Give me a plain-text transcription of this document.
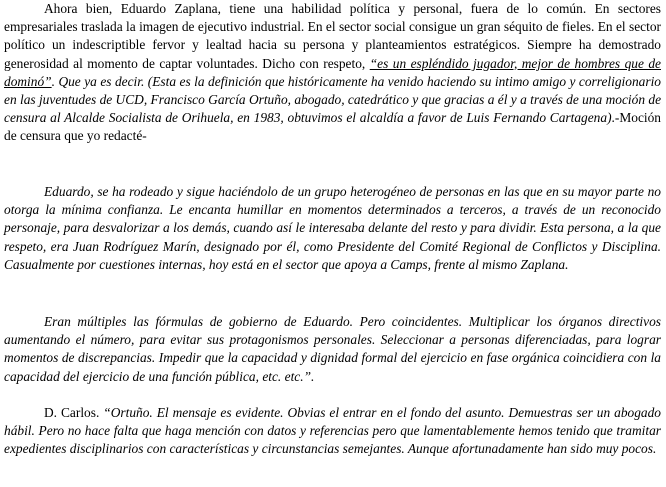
Ahora bien, Eduardo Zaplana, tiene una habilidad política y personal, fuera de lo común. En sectores empresariales traslada la imagen de ejecutivo industrial. En el sector social consigue un gran séquito de fieles. En el sector político un indescriptible fervor y lealtad hacia su persona y planteamientos estratégicos. Siempre ha demostrado generosidad al momento de captar voluntades. Dicho con respeto, “es un espléndido jugador, mejor de hombres que de dominó”. Que ya es decir. (Esta es la definición que históricamente ha venido haciendo su intimo amigo y correligionario en las juventudes de UCD, Francisco García Ortuño, abogado, catedrático y que gracias a él y a través de una moción de censura al Alcalde Socialista de Orihuela, en 1983, obtuvimos el alcaldía a favor de Luis Fernando Cartagena).-Moción de censura que yo redacté-

Eduardo, se ha rodeado y sigue haciéndolo de un grupo heterogéneo de personas en las que en su mayor parte no otorga la mínima confianza. Le encanta humillar en momentos determinados a terceros, a través de un reconocido personaje, para desvalorizar a los demás, cuando así le interesaba delante del resto y para dividir. Esta persona, a la que respeto, era Juan Rodríguez Marín, designado por él, como Presidente del Comité Regional de Conflictos y Disciplina. Casualmente por cuestiones internas, hoy está en el sector que apoya a Camps, frente al mismo Zaplana.

Eran múltiples las fórmulas de gobierno de Eduardo. Pero coincidentes. Multiplicar los órganos directivos aumentando el número, para evitar sus protagonismos personales. Seleccionar a personas diferenciadas, para lograr momentos de discrepancias. Impedir que la capacidad y dignidad formal del ejercicio en fase orgánica coincidiera con la capacidad del ejercicio de una función pública, etc. etc.”.

D. Carlos. “Ortuño. El mensaje es evidente. Obvias el entrar en el fondo del asunto. Demuestras ser un abogado hábil. Pero no hace falta que haga mención con datos y referencias pero que lamentablemente hemos tenido que tramitar expedientes disciplinarios con características y circunstancias semejantes. Aunque afortunadamente han sido muy pocos.
